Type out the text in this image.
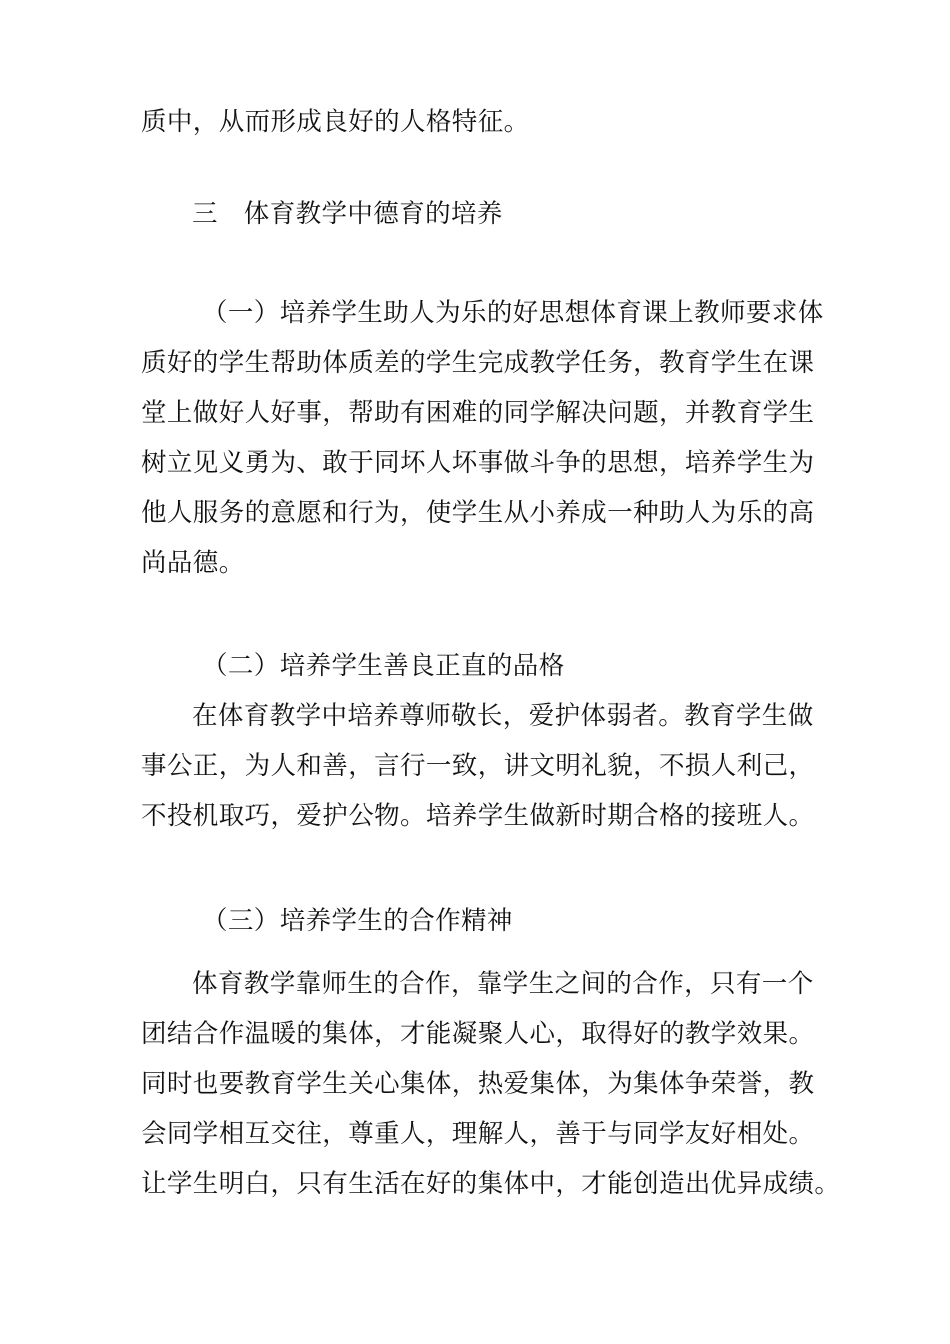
质中，从而形成良好的人格特征。
三　体育教学中德育的培养
（一）培养学生助人为乐的好思想体育课上教师要求体
质好的学生帮助体质差的学生完成教学任务，教育学生在课
堂上做好人好事，帮助有困难的同学解决问题，并教育学生
树立见义勇为、敢于同坏人坏事做斗争的思想，培养学生为
他人服务的意愿和行为，使学生从小养成一种助人为乐的高
尚品德。
（二）培养学生善良正直的品格
在体育教学中培养尊师敬长，爱护体弱者。教育学生做
事公正，为人和善，言行一致，讲文明礼貌，不损人利己，
不投机取巧，爱护公物。培养学生做新时期合格的接班人。
（三）培养学生的合作精神
体育教学靠师生的合作，靠学生之间的合作，只有一个
团结合作温暖的集体，才能凝聚人心，取得好的教学效果。
同时也要教育学生关心集体，热爱集体，为集体争荣誉，教
会同学相互交往，尊重人，理解人，善于与同学友好相处。
让学生明白，只有生活在好的集体中，才能创造出优异成绩。
